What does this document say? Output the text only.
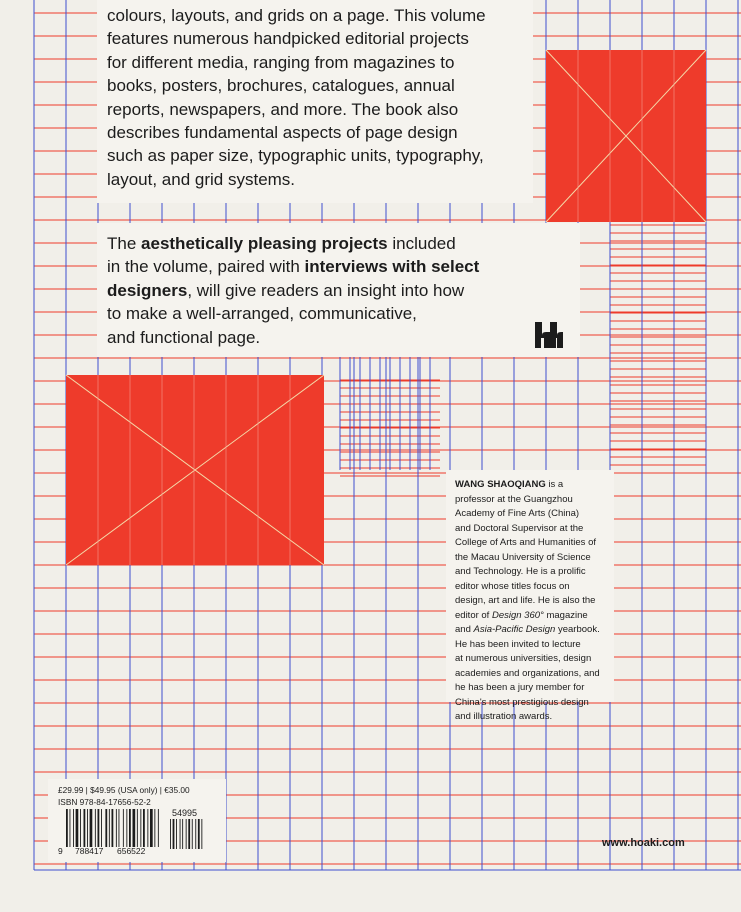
colours, layouts, and grids on a page. This volume
features numerous handpicked editorial projects
for different media, ranging from magazines to
books, posters, brochures, catalogues, annual
reports, newspapers, and more. The book also
describes fundamental aspects of page design
such as paper size, typographic units, typography,
layout, and grid systems.
The aesthetically pleasing projects included
in the volume, paired with interviews with select
designers, will give readers an insight into how
to make a well-arranged, communicative,
and functional page.
WANG SHAOQIANG is a
professor at the Guangzhou
Academy of Fine Arts (China)
and Doctoral Supervisor at the
College of Arts and Humanities of
the Macau University of Science
and Technology. He is a prolific
editor whose titles focus on
design, art and life. He is also the
editor of Design 360° magazine
and Asia-Pacific Design yearbook.
He has been invited to lecture
at numerous universities, design
academies and organizations, and
he has been a jury member for
China's most prestigious design
and illustration awards.
£29.99 | $49.95 (USA only) | €35.00
ISBN 978-84-17656-52-2
54995
9 788417 656522
www.hoaki.com
